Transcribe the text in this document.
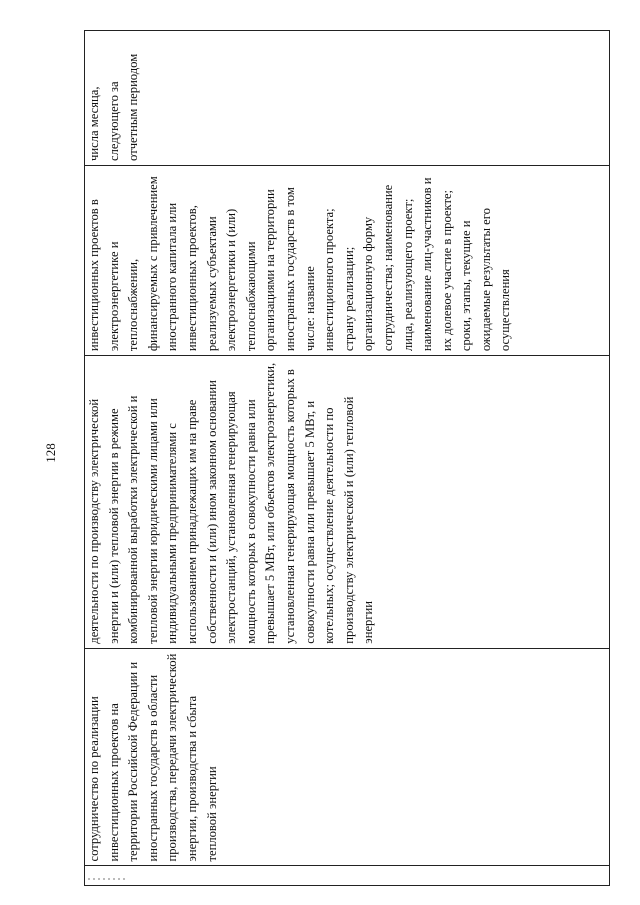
128
	сотрудничество по реализации инвестиционных проектов на территории Российской Федерации и иностранных государств в области производства, передачи электрической энергии, производства и сбыта тепловой энергии	деятельности по производству электрической энергии и (или) тепловой энергии в режиме комбинированной выработки электрической и тепловой энергии юридическими лицами или индивидуальными предпринимателями с использованием принадлежащих им на праве собственности и (или) ином законном основании электростанций, установленная генерирующая мощность которых в совокупности равна или превышает 5 МВт, или объектов электроэнергетики, установленная генерирующая мощность которых в совокупности равна или превышает 5 МВт, и котельных; осуществление деятельности по производству электрической и (или) тепловой энергии	инвестиционных проектов в электроэнергетике и теплоснабжении, финансируемых с привлечением иностранного капитала или инвестиционных проектов, реализуемых субъектами электроэнергетики и (или) теплоснабжающими организациями на территории иностранных государств в том числе: название инвестиционного проекта; страну реализации; организационную форму сотрудничества; наименование лица, реализующего проект; наименование лиц-участников и их долевое участие в проекте; сроки, этапы, текущие и ожидаемые результаты его осуществления	числа месяца, следующего за отчетным периодом
